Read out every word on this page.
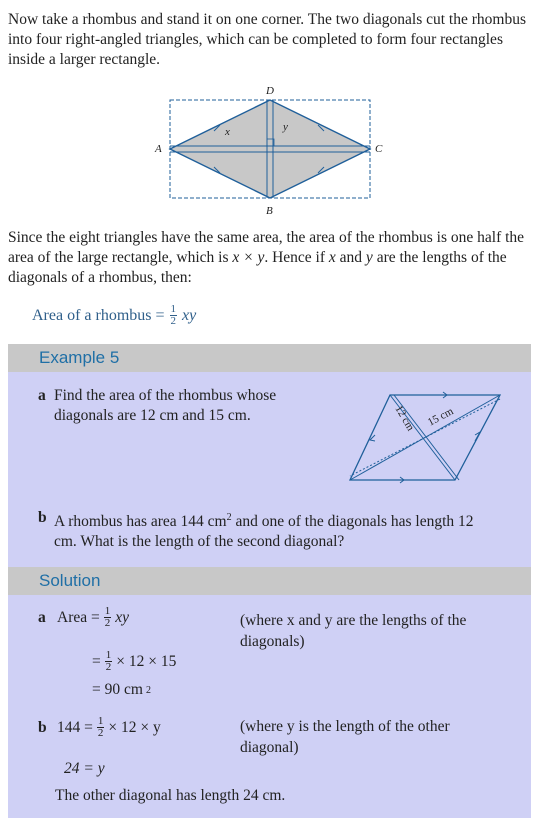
Now take a rhombus and stand it on one corner. The two diagonals cut the rhombus into four right-angled triangles, which can be completed to form four rectangles inside a larger rectangle.

D
B
A	C
x	y

Since the eight triangles have the same area, the area of the rhombus is one half the area of the large rectangle, which is x × y. Hence if x and y are the lengths of the diagonals of a rhombus, then:

Area of a rhombus = $\frac{1}{2}$ xy
Example 5
a Find the area of the rhombus whose diagonals are 12 cm and 15 cm.	12 cm 15 cm
b A rhombus has area 144 $cm^2$ and one of the diagonals has length 12 cm. What is the length of the second diagonal?
Solution
a Area = $\frac{1}{2}$ xy	(where x and y are the lengths of the diagonals)
= $\frac{1}{2} \times 12 \times 15$
= 90 cm 2
b $144 = \frac{1}{2} \times 12 \times y$	(where y is the length of the other diagonal)
24 = y
The other diagonal has length 24 cm.
